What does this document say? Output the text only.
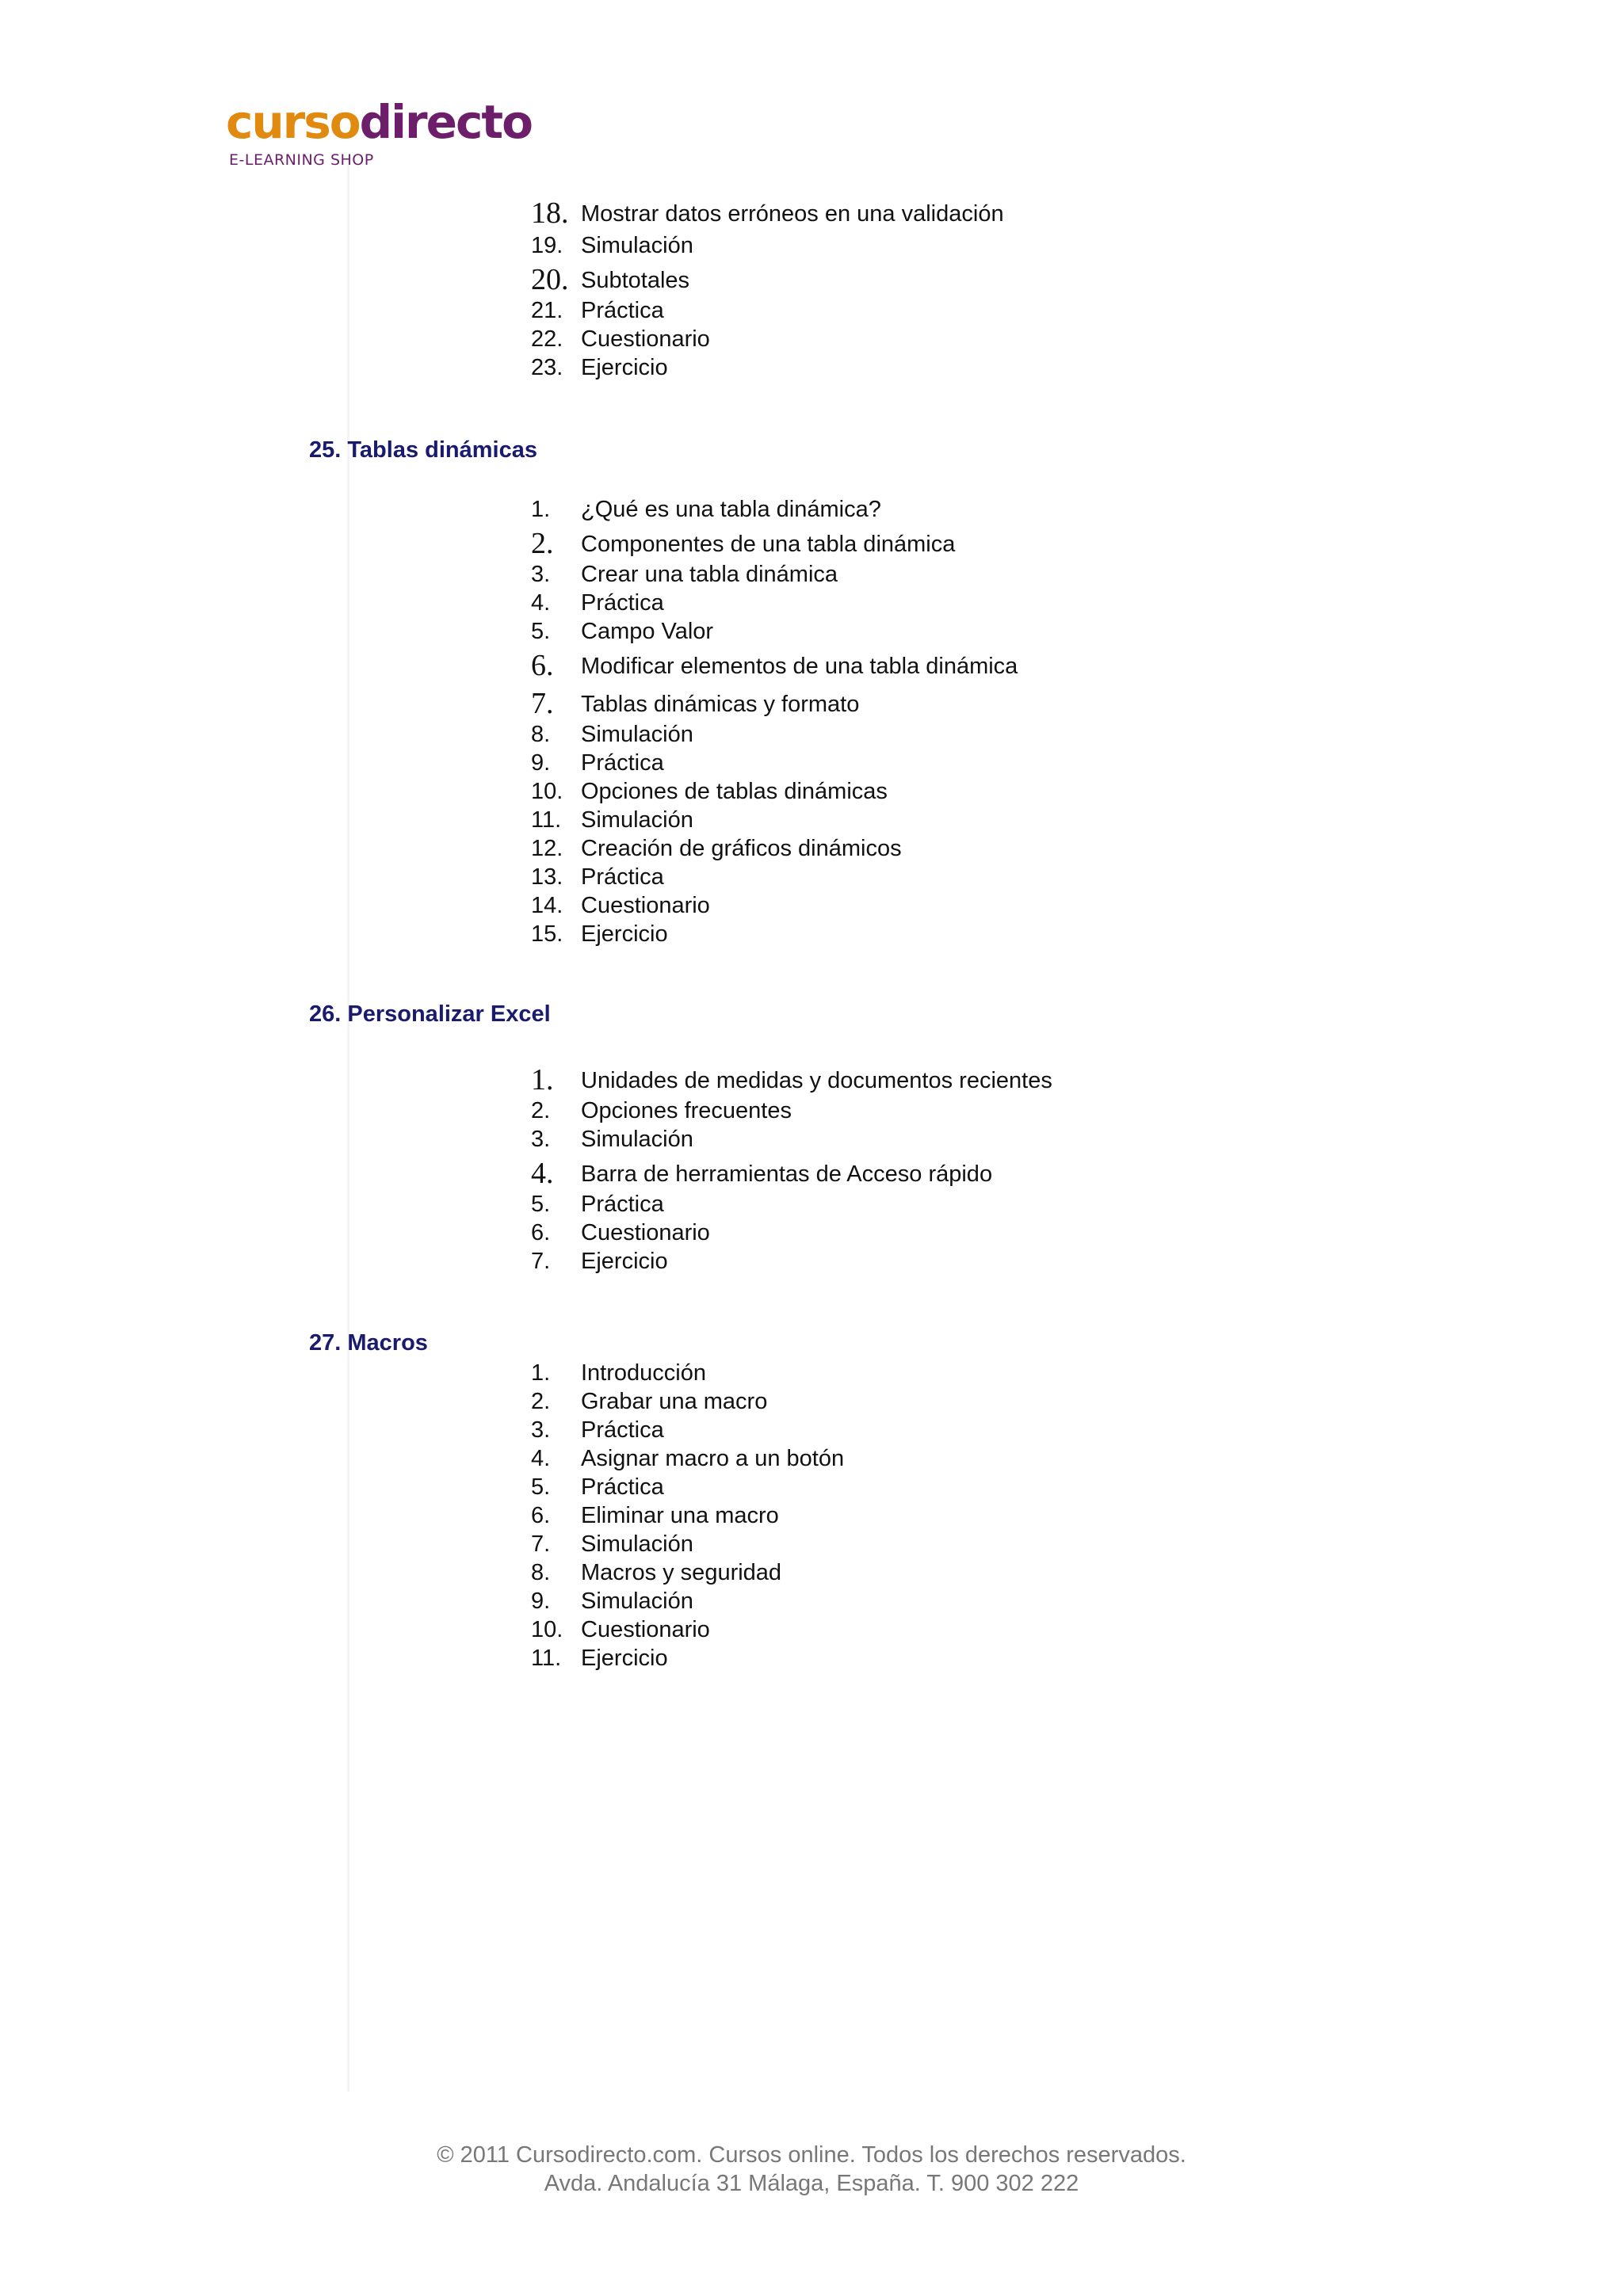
cursodirecto .com
E-LEARNING SHOP
18. Mostrar datos erróneos en una validación
19. Simulación
20. Subtotales
21. Práctica
22. Cuestionario
23. Ejercicio
25. Tablas dinámicas
1. ¿Qué es una tabla dinámica?
2. Componentes de una tabla dinámica
3. Crear una tabla dinámica
4. Práctica
5. Campo Valor
6. Modificar elementos de una tabla dinámica
7. Tablas dinámicas y formato
8. Simulación
9. Práctica
10. Opciones de tablas dinámicas
11. Simulación
12. Creación de gráficos dinámicos
13. Práctica
14. Cuestionario
15. Ejercicio
26. Personalizar Excel
1. Unidades de medidas y documentos recientes
2. Opciones frecuentes
3. Simulación
4. Barra de herramientas de Acceso rápido
5. Práctica
6. Cuestionario
7. Ejercicio
27. Macros
1. Introducción
2. Grabar una macro
3. Práctica
4. Asignar macro a un botón
5. Práctica
6. Eliminar una macro
7. Simulación
8. Macros y seguridad
9. Simulación
10. Cuestionario
11. Ejercicio
© 2011 Cursodirecto.com. Cursos online. Todos los derechos reservados.
Avda. Andalucía 31 Málaga, España. T. 900 302 222
